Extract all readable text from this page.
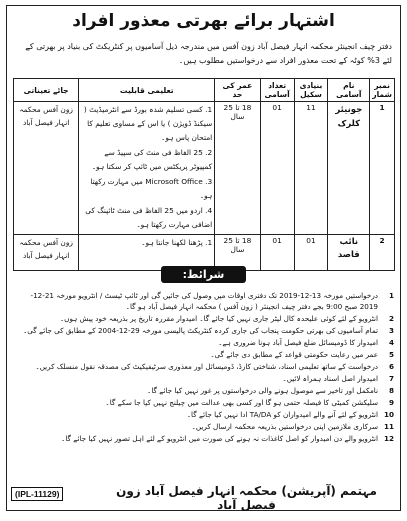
اشتہار برائے بھرتی معذور افراد
دفتر چیف انجینئر محکمہ انہار فیصل آباد زون آفس میں مندرجہ ذیل آسامیوں پر کنٹریکٹ کی بنیاد پر بھرتی کے لئے 3% کوٹہ کے تحت معذور افراد سے درخواستیں مطلوب ہیں۔
نمبر شمار	نام آسامی	بنیادی سکیل	تعداد آسامی	عمر کی حد	تعلیمی قابلیت	جائے تعیناتی
1	جونیئر کلرک	11	01	18 تا 25 سال	1. کسی تسلیم شدہ بورڈ سے انٹرمیڈیٹ ( سیکنڈ ڈویژن ) یا اس کے مساوی تعلیم کا امتحان پاس ہو۔
2. 25 الفاظ فی منٹ کی سپیڈ سے کمپیوٹر پریکٹس میں ٹائپ کر سکتا ہو۔
3. Microsoft Office میں مہارت رکھتا ہو۔
4. اردو میں 25 الفاظ فی منٹ ٹائپنگ کی اضافی مہارت رکھتا ہو۔	زون آفس محکمہ انہار فیصل آباد
2	نائب قاصد	01	01	18 تا 25 سال	1. پڑھنا لکھنا جانتا ہو۔	زون آفس محکمہ انہار فیصل آباد
شرائط:
1
درخواستیں مورخہ 13-12-2019 تک دفتری اوقات میں وصول کی جائیں گی اور ٹائپ ٹیسٹ / انٹرویو مورخہ 21-12-2019 صبح 9:00 بجے دفتر چیف انجینئر ( زون آفس ) محکمہ انہار فیصل آباد ہو گا۔
2
انٹرویو کے لئے کوئی علیحدہ کال لیٹر جاری نہیں کیا جائے گا۔ امیدوار مقررہ تاریخ پر بذریعہ خود پیش ہوں۔
3
تمام آسامیوں کی بھرتی حکومت پنجاب کی جاری کردہ کنٹریکٹ پالیسی مورخہ 29-12-2004 کے مطابق کی جائے گی۔
4
امیدوار کا ڈومیسائل ضلع فیصل آباد ہونا ضروری ہے۔
5
عمر میں رعایت حکومتی قواعد کے مطابق دی جائے گی۔
6
درخواست کے ساتھ تعلیمی اسناد، شناختی کارڈ، ڈومیسائل اور معذوری سرٹیفیکیٹ کی مصدقہ نقول منسلک کریں۔
7
امیدوار اصل اسناد ہمراہ لائیں۔
8
نامکمل اور تاخیر سے موصول ہونے والی درخواستوں پر غور نہیں کیا جائے گا۔
9
سلیکشن کمیٹی کا فیصلہ حتمی ہو گا اور کسی بھی عدالت میں چیلنج نہیں کیا جا سکے گا۔
10
انٹرویو کے لئے آنے والے امیدواران کو TA/DA ادا نہیں کیا جائے گا۔
11
سرکاری ملازمین اپنی درخواستیں بذریعہ محکمہ ارسال کریں۔
12
انٹرویو والے دن امیدوار کو اصل کاغذات نہ ہونے کی صورت میں انٹرویو کے لئے اہل تصور نہیں کیا جائے گا۔
(IPL-11129)	مہتمم (آپریشن) محکمہ انہار فیصل آباد زون فیصل آباد
